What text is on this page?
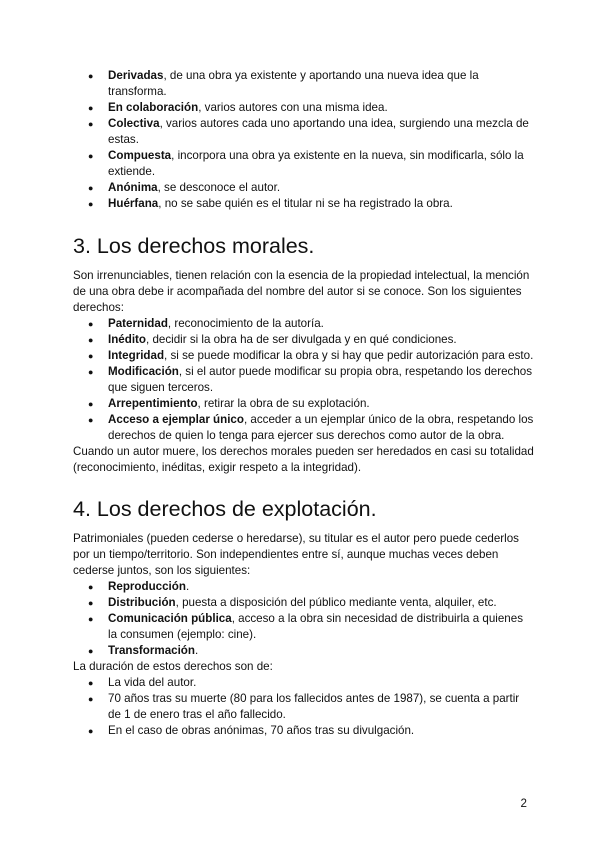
● Derivadas, de una obra ya existente y aportando una nueva idea que la transforma.
● En colaboración, varios autores con una misma idea.
● Colectiva, varios autores cada uno aportando una idea, surgiendo una mezcla de estas.
● Compuesta, incorpora una obra ya existente en la nueva, sin modificarla, sólo la extiende.
● Anónima, se desconoce el autor.
● Huérfana, no se sabe quién es el titular ni se ha registrado la obra.
3. Los derechos morales.

Son irrenunciables, tienen relación con la esencia de la propiedad intelectual, la mención de una obra debe ir acompañada del nombre del autor si se conoce. Son los siguientes derechos:

● Paternidad, reconocimiento de la autoría.
● Inédito, decidir si la obra ha de ser divulgada y en qué condiciones.
● Integridad, si se puede modificar la obra y si hay que pedir autorización para esto.
● Modificación, si el autor puede modificar su propia obra, respetando los derechos que siguen terceros.
● Arrepentimiento, retirar la obra de su explotación.
● Acceso a ejemplar único, acceder a un ejemplar único de la obra, respetando los derechos de quien lo tenga para ejercer sus derechos como autor de la obra.

Cuando un autor muere, los derechos morales pueden ser heredados en casi su totalidad (reconocimiento, inéditas, exigir respeto a la integridad).

4. Los derechos de explotación.

Patrimoniales (pueden cederse o heredarse), su titular es el autor pero puede cederlos por un tiempo/territorio. Son independientes entre sí, aunque muchas veces deben cederse juntos, son los siguientes:

● Reproducción.
● Distribución, puesta a disposición del público mediante venta, alquiler, etc.
● Comunicación pública, acceso a la obra sin necesidad de distribuirla a quienes la consumen (ejemplo: cine).
● Transformación.

La duración de estos derechos son de:

● La vida del autor.
● 70 años tras su muerte (80 para los fallecidos antes de 1987), se cuenta a partir de 1 de enero tras el año fallecido.
● En el caso de obras anónimas, 70 años tras su divulgación.
2
